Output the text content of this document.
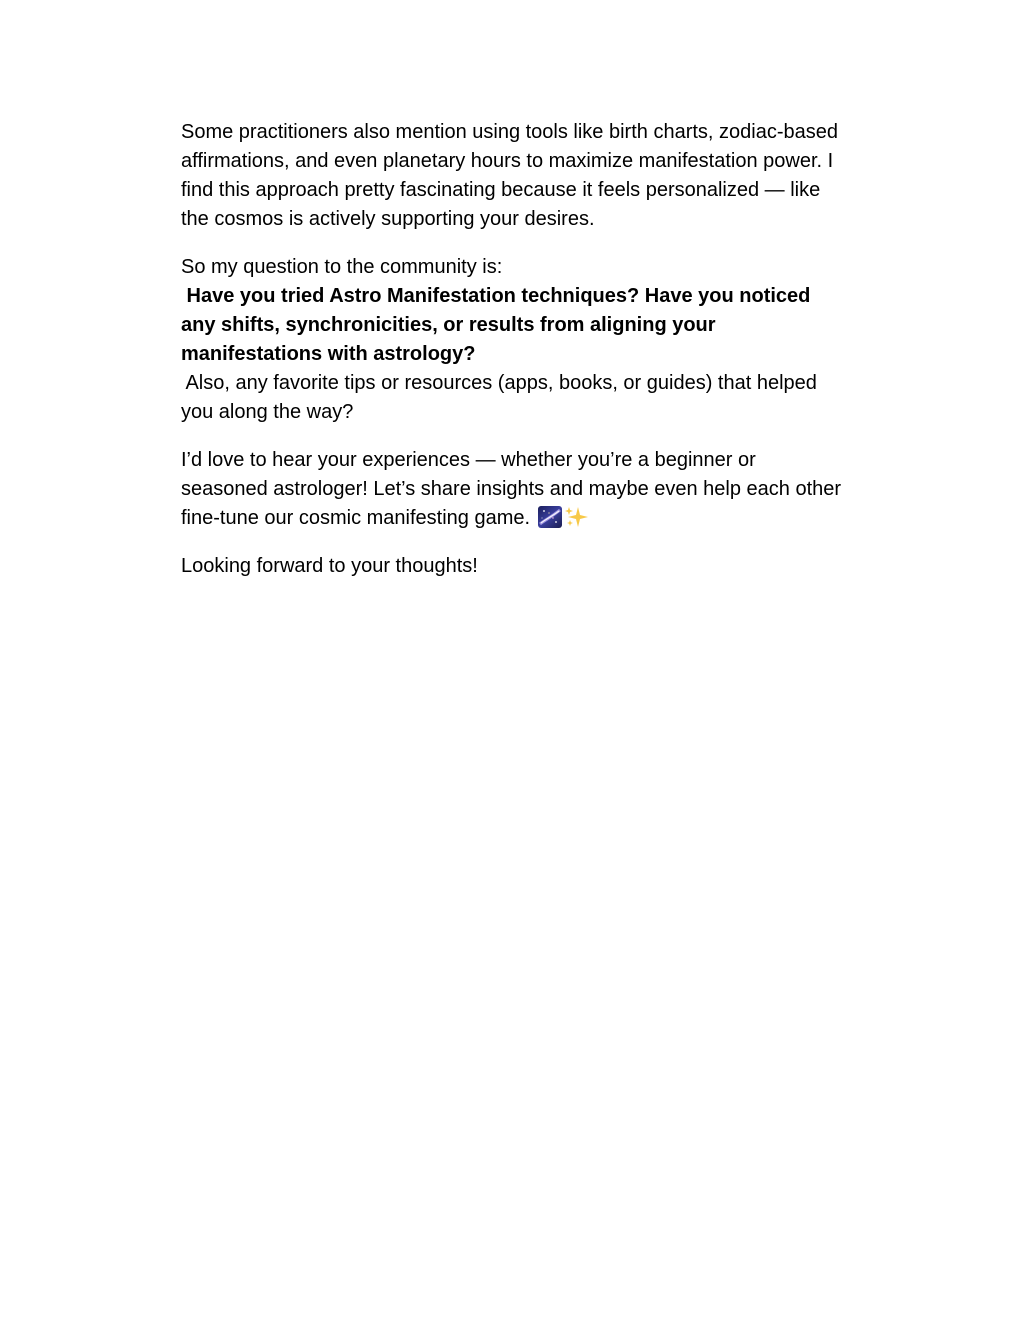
Some practitioners also mention using tools like birth charts, zodiac-based
affirmations, and even planetary hours to maximize manifestation power. I
find this approach pretty fascinating because it feels personalized — like
the cosmos is actively supporting your desires.

So my question to the community is:
Have you tried Astro Manifestation techniques? Have you noticed
any shifts, synchronicities, or results from aligning your
manifestations with astrology?
Also, any favorite tips or resources (apps, books, or guides) that helped
you along the way?

I’d love to hear your experiences — whether you’re a beginner or
seasoned astrologer! Let’s share insights and maybe even help each other
fine-tune our cosmic manifesting game.

Looking forward to your thoughts!
